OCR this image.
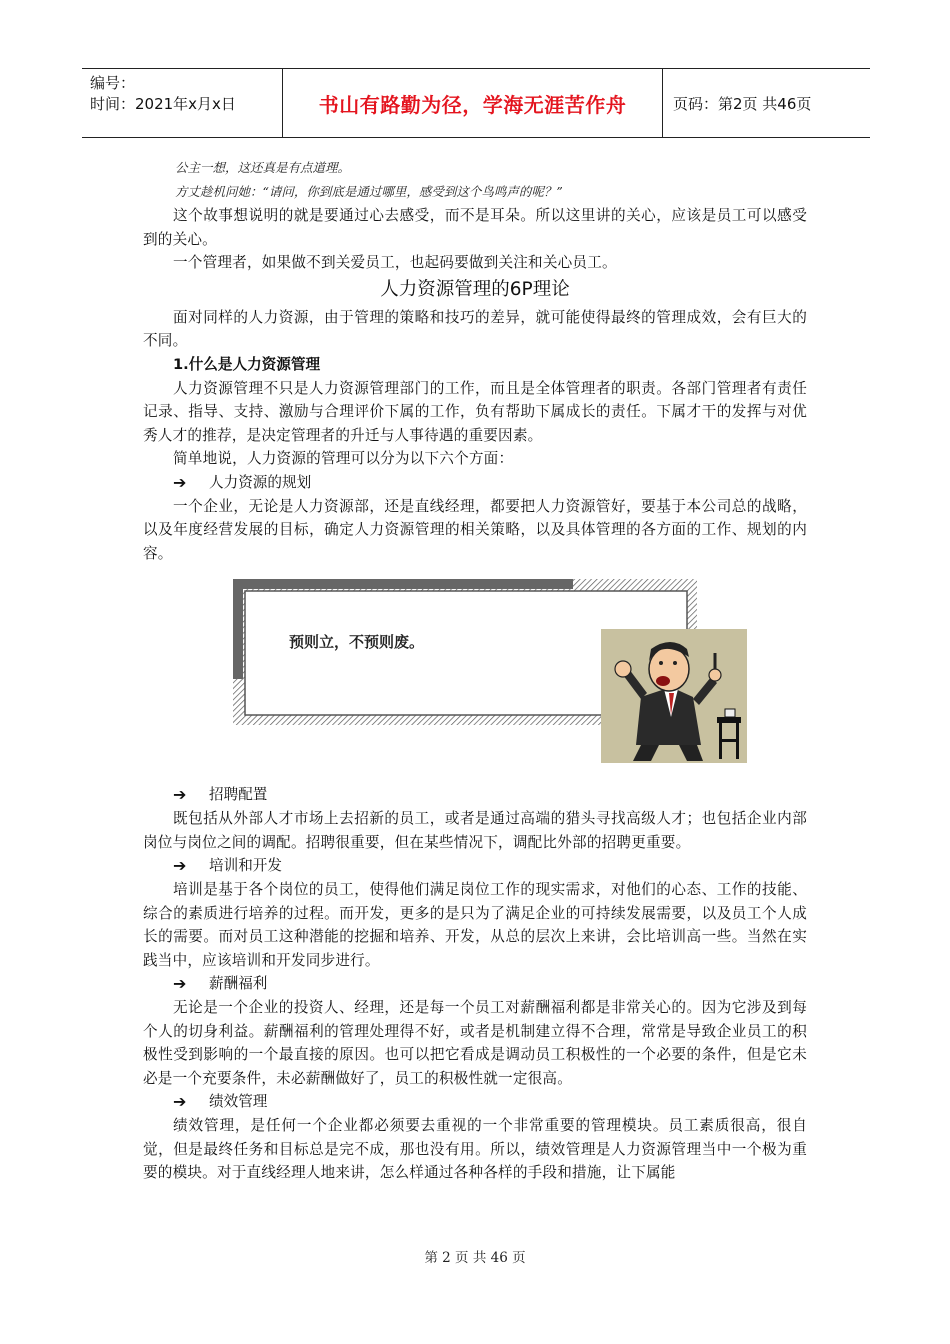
编号：
时间：2021年x月x日	书山有路勤为径，学海无涯苦作舟	页码：第2页 共46页
公主一想，这还真是有点道理。
方丈趁机问她：“请问，你到底是通过哪里，感受到这个鸟鸣声的呢？”

这个故事想说明的就是要通过心去感受，而不是耳朵。所以这里讲的关心，应该是员工可以感受到的关心。

一个管理者，如果做不到关爱员工，也起码要做到关注和关心员工。

人力资源管理的6P理论

面对同样的人力资源，由于管理的策略和技巧的差异，就可能使得最终的管理成效，会有巨大的不同。

1.什么是人力资源管理

人力资源管理不只是人力资源管理部门的工作，而且是全体管理者的职责。各部门管理者有责任记录、指导、支持、激励与合理评价下属的工作，负有帮助下属成长的责任。下属才干的发挥与对优秀人才的推荐，是决定管理者的升迁与人事待遇的重要因素。

简单地说，人力资源的管理可以分为以下六个方面：

➔	人力资源的规划

一个企业，无论是人力资源部，还是直线经理，都要把人力资源管好，要基于本公司总的战略，以及年度经营发展的目标，确定人力资源管理的相关策略，以及具体管理的各方面的工作、规划的内容。

预则立，不预则废。
➔	招聘配置

既包括从外部人才市场上去招新的员工，或者是通过高端的猎头寻找高级人才；也包括企业内部岗位与岗位之间的调配。招聘很重要，但在某些情况下，调配比外部的招聘更重要。

➔	培训和开发

培训是基于各个岗位的员工，使得他们满足岗位工作的现实需求，对他们的心态、工作的技能、综合的素质进行培养的过程。而开发，更多的是只为了满足企业的可持续发展需要，以及员工个人成长的需要。而对员工这种潜能的挖掘和培养、开发，从总的层次上来讲，会比培训高一些。当然在实践当中，应该培训和开发同步进行。

➔	薪酬福利

无论是一个企业的投资人、经理，还是每一个员工对薪酬福利都是非常关心的。因为它涉及到每个人的切身利益。薪酬福利的管理处理得不好，或者是机制建立得不合理，常常是导致企业员工的积极性受到影响的一个最直接的原因。也可以把它看成是调动员工积极性的一个必要的条件，但是它未必是一个充要条件，未必薪酬做好了，员工的积极性就一定很高。

➔	绩效管理

绩效管理，是任何一个企业都必须要去重视的一个非常重要的管理模块。员工素质很高，很自觉，但是最终任务和目标总是完不成，那也没有用。所以，绩效管理是人力资源管理当中一个极为重要的模块。对于直线经理人地来讲，怎么样通过各种各样的手段和措施，让下属能

第 2 页 共 46 页
